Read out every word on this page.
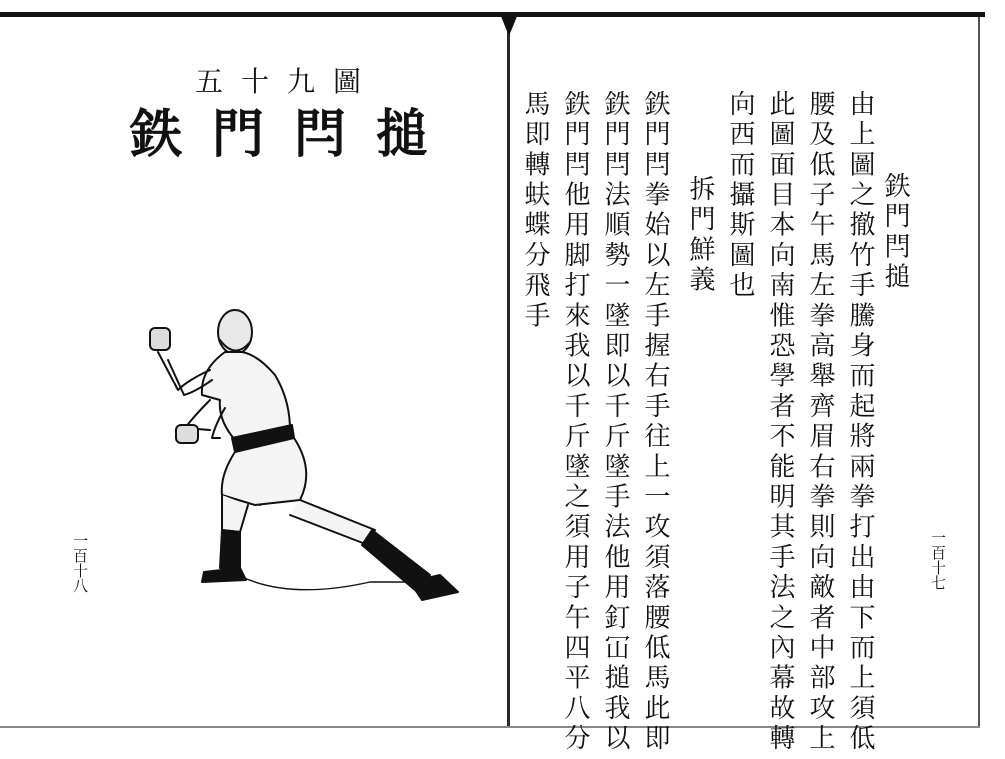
五十九圖
鉄門閂搥
一百十八	一百十七
鉄門閂搥
由上圖之撤竹手騰身而起將兩拳打出由下而上須低
腰及低子午馬左拳高舉齊眉右拳則向敵者中部攻上
此圖面目本向南惟恐學者不能明其手法之內幕故轉
向西而攝斯圖也
拆門鮮義
鉄門閂拳始以左手握右手往上一攻須落腰低馬此即
鉄門閂法順勢一墜即以千斤墜手法他用釘冚搥我以
鉄門閂他用脚打來我以千斤墜之須用子午四平八分
馬即轉蚨蝶分飛手
